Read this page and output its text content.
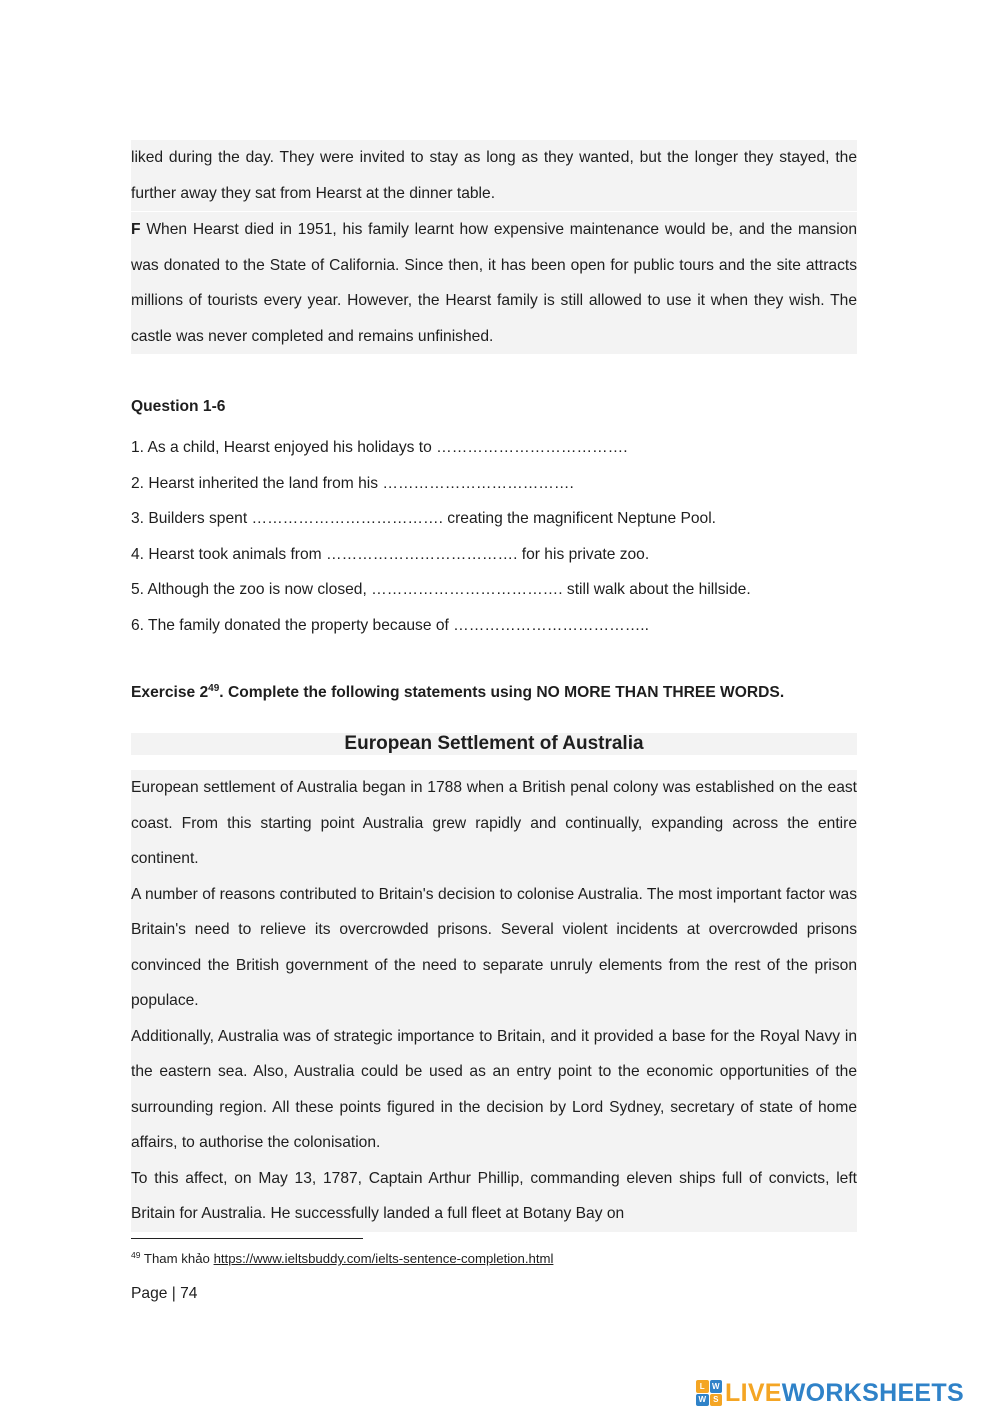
liked during the day. They were invited to stay as long as they wanted, but the longer they stayed, the further away they sat from Hearst at the dinner table.

F When Hearst died in 1951, his family learnt how expensive maintenance would be, and the mansion was donated to the State of California. Since then, it has been open for public tours and the site attracts millions of tourists every year. However, the Hearst family is still allowed to use it when they wish. The castle was never completed and remains unfinished.

Question 1-6
1. As a child, Hearst enjoyed his holidays to ……………………………….
2. Hearst inherited the land from his ……………………………….
3. Builders spent ………………………………. creating the magnificent Neptune Pool.
4. Hearst took animals from ………………………………. for his private zoo.
5. Although the zoo is now closed, ………………………………. still walk about the hillside.
6. The family donated the property because of ………………………………..
Exercise $2^{49}$. Complete the following statements using NO MORE THAN THREE WORDS.
European Settlement of Australia

European settlement of Australia began in 1788 when a British penal colony was established on the east coast. From this starting point Australia grew rapidly and continually, expanding across the entire continent.

A number of reasons contributed to Britain's decision to colonise Australia. The most important factor was Britain's need to relieve its overcrowded prisons. Several violent incidents at overcrowded prisons convinced the British government of the need to separate unruly elements from the rest of the prison populace.

Additionally, Australia was of strategic importance to Britain, and it provided a base for the Royal Navy in the eastern sea. Also, Australia could be used as an entry point to the economic opportunities of the surrounding region. All these points figured in the decision by Lord Sydney, secretary of state of home affairs, to authorise the colonisation.

To this affect, on May 13, 1787, Captain Arthur Phillip, commanding eleven ships full of convicts, left Britain for Australia. He successfully landed a full fleet at Botany Bay on

$^{49}$ Tham khảo https://www.ieltsbuddy.com/ielts-sentence-completion.html
Page | 74
L W
W S LIVEWORKSHEETS
